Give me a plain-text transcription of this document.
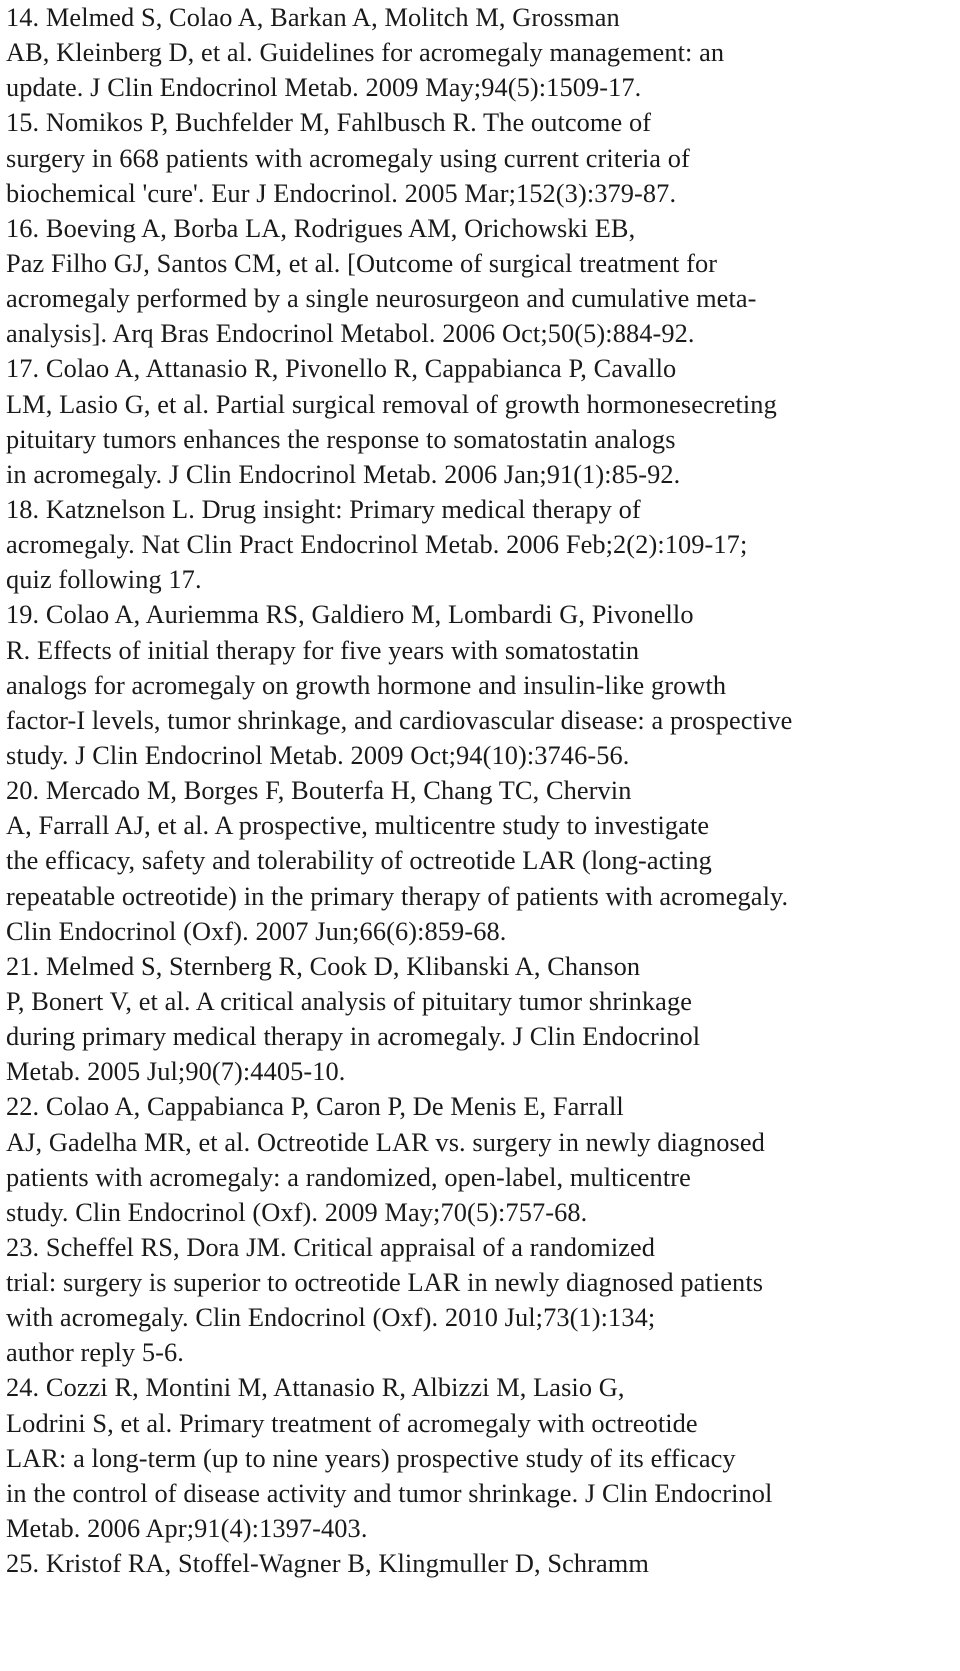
14. Melmed S, Colao A, Barkan A, Molitch M, Grossman
AB, Kleinberg D, et al. Guidelines for acromegaly management: an
update. J Clin Endocrinol Metab. 2009 May;94(5):1509-17.
15. Nomikos P, Buchfelder M, Fahlbusch R. The outcome of
surgery in 668 patients with acromegaly using current criteria of
biochemical 'cure'. Eur J Endocrinol. 2005 Mar;152(3):379-87.
16. Boeving A, Borba LA, Rodrigues AM, Orichowski EB,
Paz Filho GJ, Santos CM, et al. [Outcome of surgical treatment for
acromegaly performed by a single neurosurgeon and cumulative meta-
analysis]. Arq Bras Endocrinol Metabol. 2006 Oct;50(5):884-92.
17. Colao A, Attanasio R, Pivonello R, Cappabianca P, Cavallo
LM, Lasio G, et al. Partial surgical removal of growth hormonesecreting
pituitary tumors enhances the response to somatostatin analogs
in acromegaly. J Clin Endocrinol Metab. 2006 Jan;91(1):85-92.
18. Katznelson L. Drug insight: Primary medical therapy of
acromegaly. Nat Clin Pract Endocrinol Metab. 2006 Feb;2(2):109-17;
quiz following 17.
19. Colao A, Auriemma RS, Galdiero M, Lombardi G, Pivonello
R. Effects of initial therapy for five years with somatostatin
analogs for acromegaly on growth hormone and insulin-like growth
factor-I levels, tumor shrinkage, and cardiovascular disease: a prospective
study. J Clin Endocrinol Metab. 2009 Oct;94(10):3746-56.
20. Mercado M, Borges F, Bouterfa H, Chang TC, Chervin
A, Farrall AJ, et al. A prospective, multicentre study to investigate
the efficacy, safety and tolerability of octreotide LAR (long-acting
repeatable octreotide) in the primary therapy of patients with acromegaly.
Clin Endocrinol (Oxf). 2007 Jun;66(6):859-68.
21. Melmed S, Sternberg R, Cook D, Klibanski A, Chanson
P, Bonert V, et al. A critical analysis of pituitary tumor shrinkage
during primary medical therapy in acromegaly. J Clin Endocrinol
Metab. 2005 Jul;90(7):4405-10.
22. Colao A, Cappabianca P, Caron P, De Menis E, Farrall
AJ, Gadelha MR, et al. Octreotide LAR vs. surgery in newly diagnosed
patients with acromegaly: a randomized, open-label, multicentre
study. Clin Endocrinol (Oxf). 2009 May;70(5):757-68.
23. Scheffel RS, Dora JM. Critical appraisal of a randomized
trial: surgery is superior to octreotide LAR in newly diagnosed patients
with acromegaly. Clin Endocrinol (Oxf). 2010 Jul;73(1):134;
author reply 5-6.
24. Cozzi R, Montini M, Attanasio R, Albizzi M, Lasio G,
Lodrini S, et al. Primary treatment of acromegaly with octreotide
LAR: a long-term (up to nine years) prospective study of its efficacy
in the control of disease activity and tumor shrinkage. J Clin Endocrinol
Metab. 2006 Apr;91(4):1397-403.
25. Kristof RA, Stoffel-Wagner B, Klingmuller D, Schramm
